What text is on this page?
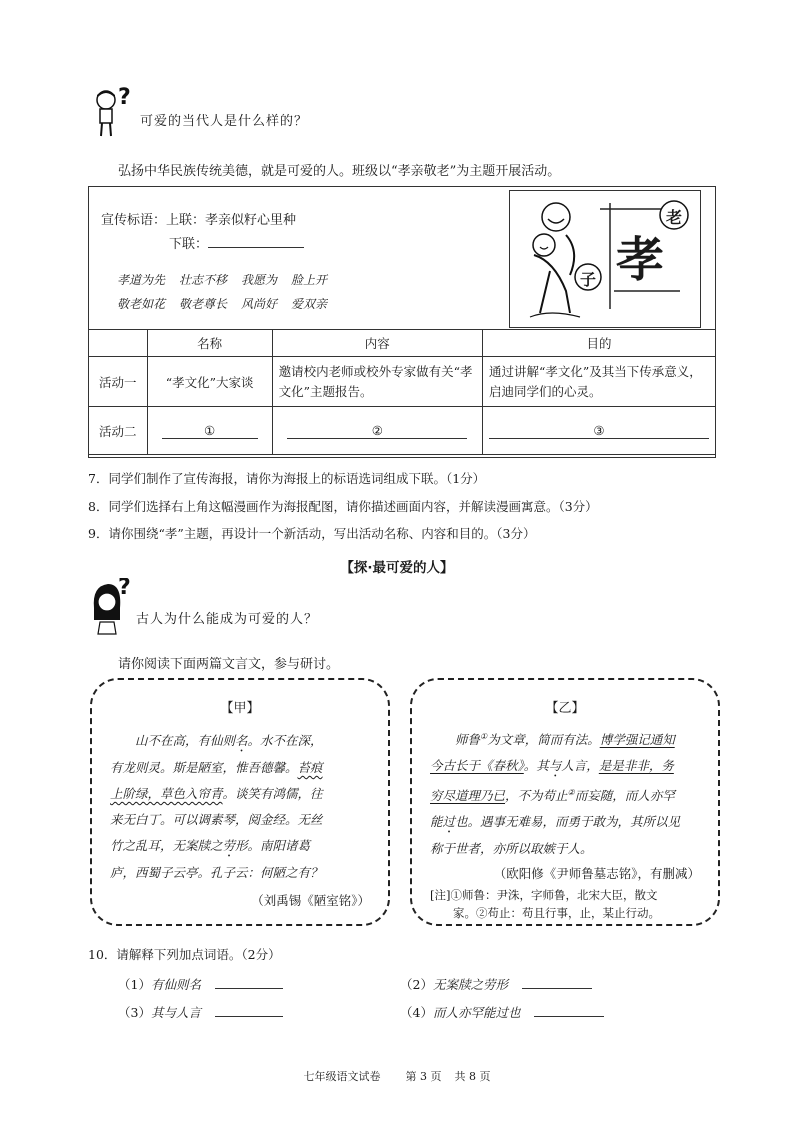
?
可爱的当代人是什么样的？
弘扬中华民族传统美德，就是可爱的人。班级以“孝亲敬老”为主题开展活动。
宣传标语：上联：孝亲似籽心里种
下联：
孝道为先 壮志不移 我愿为 脸上开
敬老如花 敬老尊长 风尚好 爱双亲
孝
老
子
	名称	内容	目的
活动一	“孝文化”大家谈	邀请校内老师或校外专家做有关“孝文化”主题报告。	通过讲解“孝文化”及其当下传承意义，启迪同学们的心灵。
活动二	①	②	③
7．同学们制作了宣传海报，请你为海报上的标语选词组成下联。（1分）
8．同学们选择右上角这幅漫画作为海报配图，请你描述画面内容，并解读漫画寓意。（3分）
9．请你围绕“孝”主题，再设计一个新活动，写出活动名称、内容和目的。（3分）
【探·最可爱的人】
?
古人为什么能成为可爱的人？
请你阅读下面两篇文言文，参与研讨。
【甲】
山不在高，有仙则名。水不在深，
有龙则灵。斯是陋室，惟吾德馨。苔痕
上阶绿，草色入帘青。谈笑有鸿儒，往
来无白丁。可以调素琴，阅金经。无丝
竹之乱耳，无案牍之劳形。南阳诸葛
庐，西蜀子云亭。孔子云：何陋之有？
（刘禹锡《陋室铭》）
【乙】
师鲁①为文章，简而有法。博学强记通知
今古长于《春秋》。其与人言，是是非非，务
穷尽道理乃已，不为苟止②而妄随，而人亦罕
能过也。遇事无难易，而勇于敢为，其所以见
称于世者，亦所以取嫉于人。
（欧阳修《尹师鲁墓志铭》，有删减）
[注]①师鲁：尹洙，字师鲁，北宋大臣，散文
家。②苟止：苟且行事，止，某止行动。
10．请解释下列加点词语。（2分）
（1） 有仙则名	（2） 无案牍之劳形
（3） 其与人言	（4） 而人亦罕能过也
七年级语文试卷 第 3 页 共 8 页
